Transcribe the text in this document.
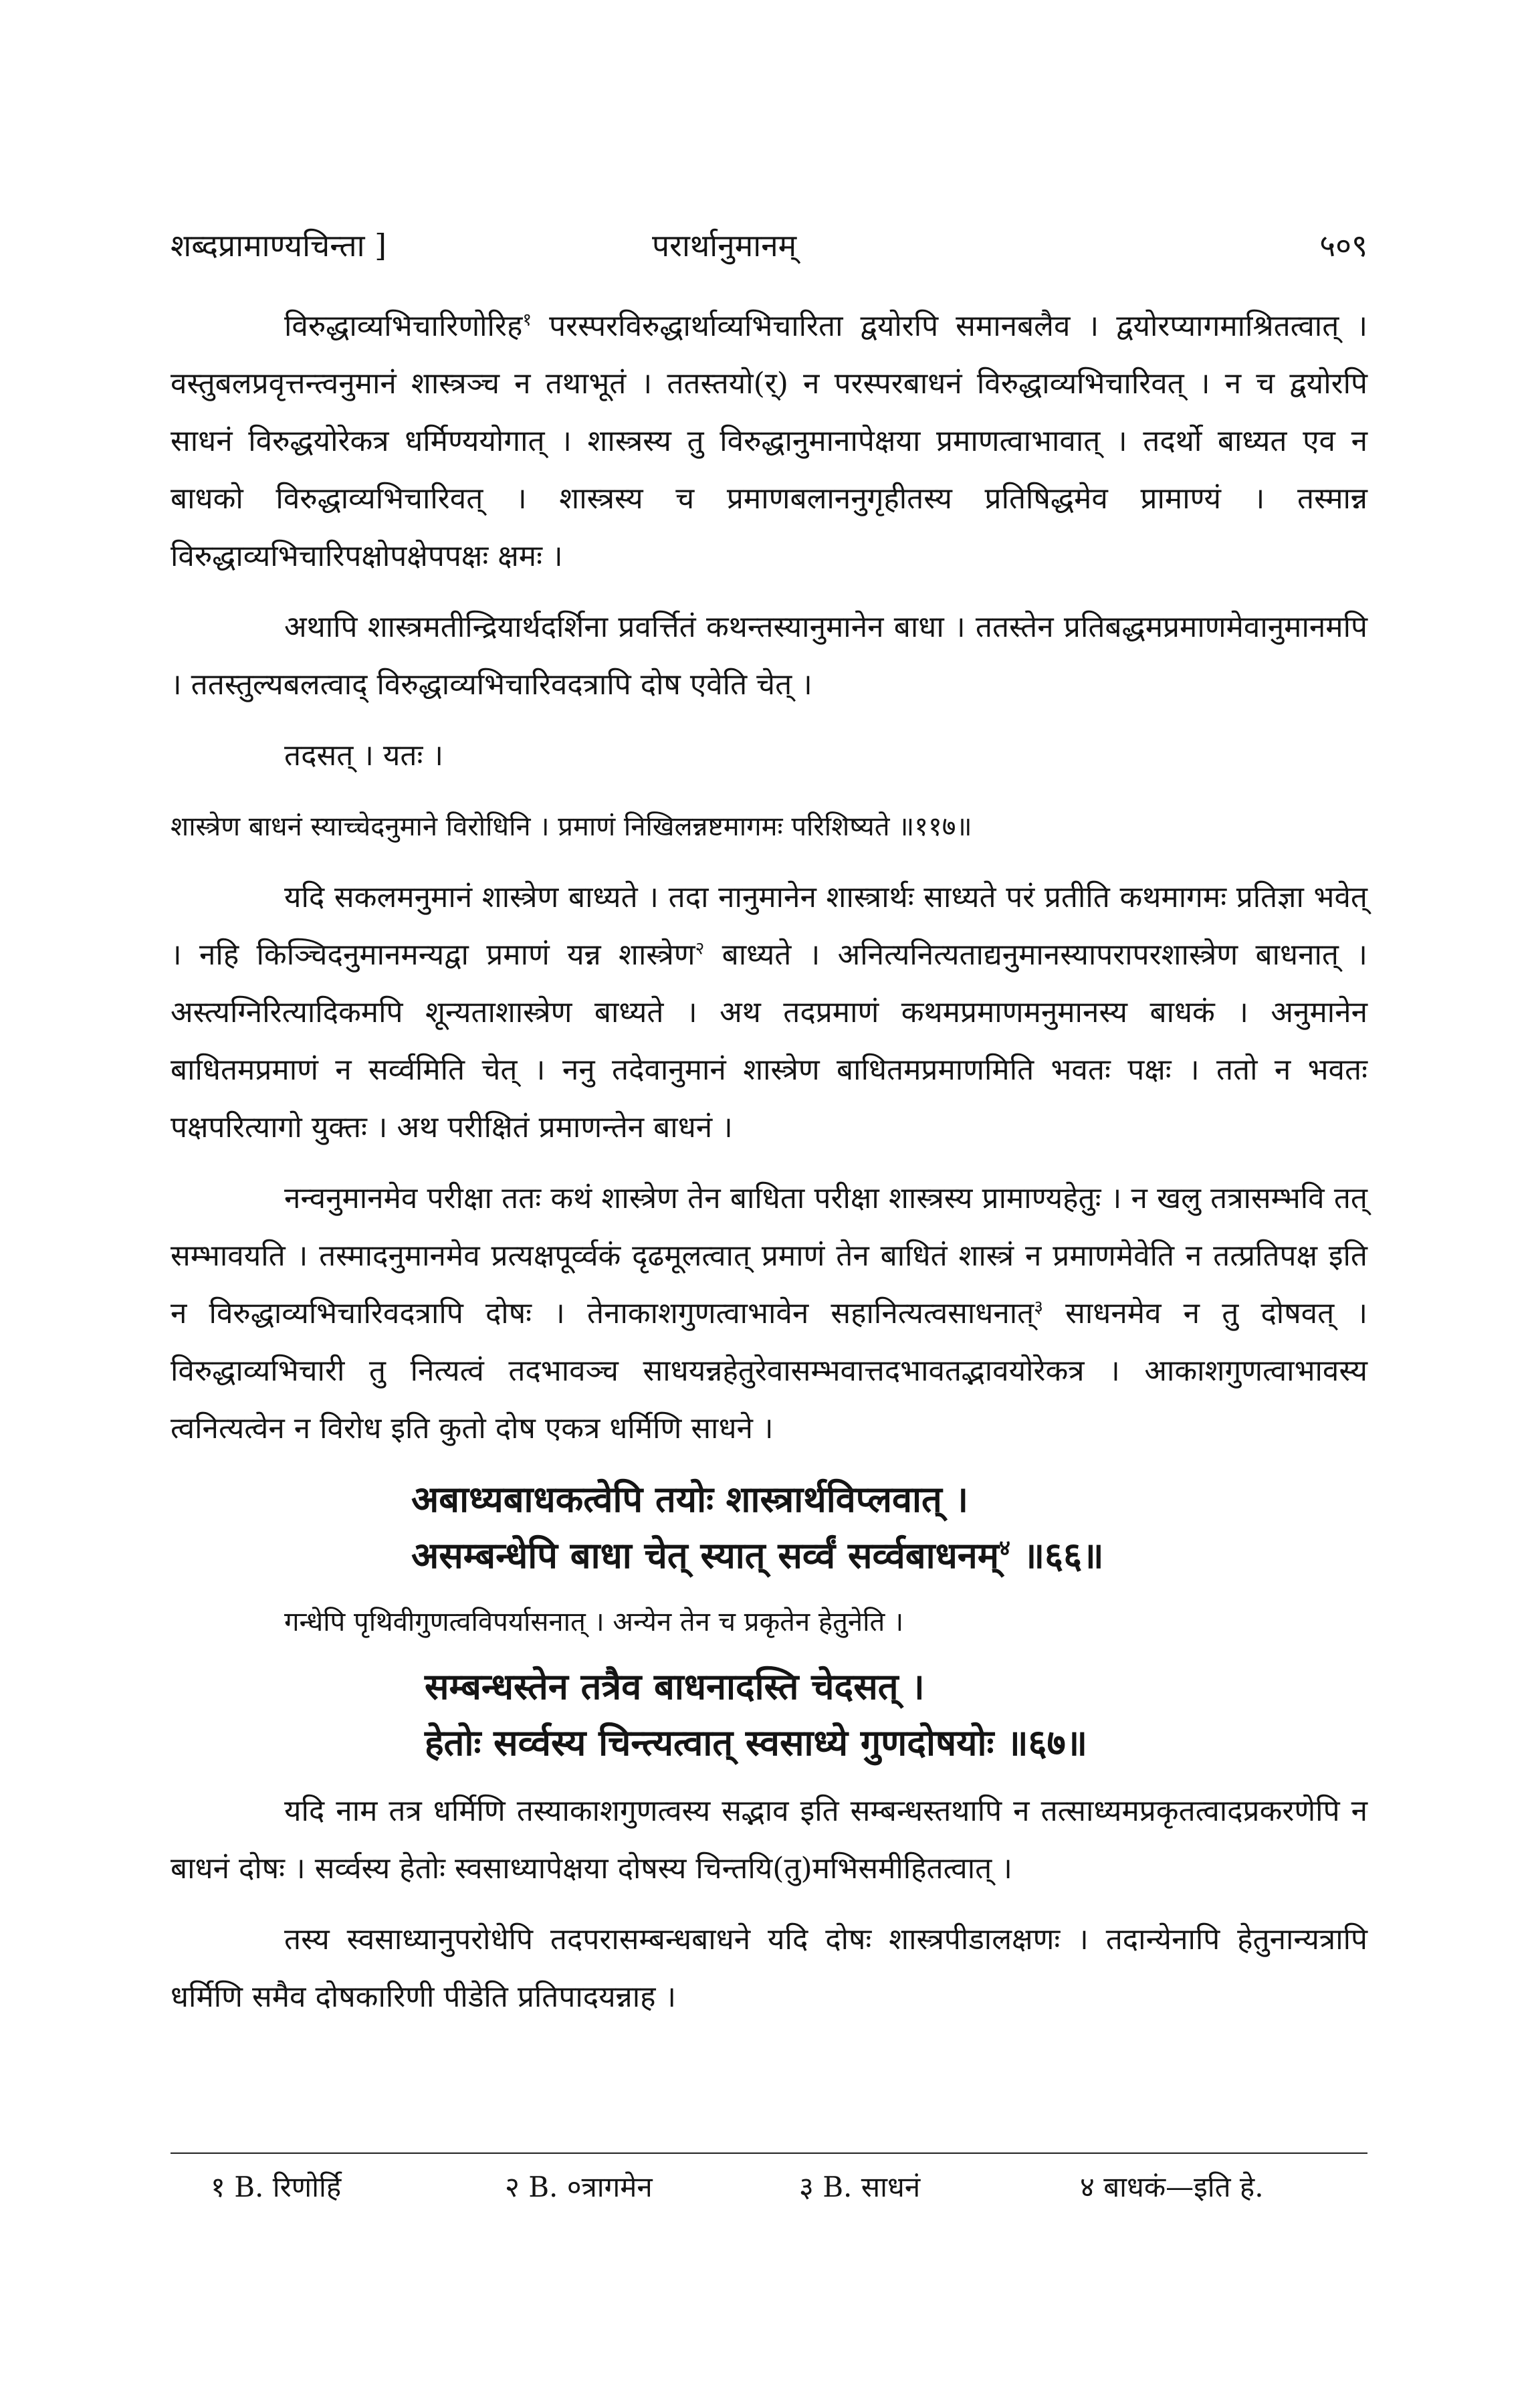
शब्दप्रामाण्यचिन्ता ]	परार्थानुमानम्	५०९

विरुद्धाव्यभिचारिणोरिह$^१$ परस्परविरुद्धार्थाव्यभिचारिता द्वयोरपि समानबलैव । द्वयोरप्यागमाश्रितत्वात् । वस्तुबलप्रवृत्तन्त्वनुमानं शास्त्रञ्च न तथाभूतं । ततस्तयो(र्) न परस्परबाधनं विरुद्धाव्यभिचारिवत् । न च द्वयोरपि साधनं विरुद्धयोरेकत्र धर्मिण्ययोगात् । शास्त्रस्य तु विरुद्धानुमानापेक्षया प्रमाणत्वाभावात् । तदर्थो बाध्यत एव न बाधको विरुद्धाव्यभिचारिवत् । शास्त्रस्य च प्रमाणबलाननुगृहीतस्य प्रतिषिद्धमेव प्रामाण्यं । तस्मान्न विरुद्धाव्यभिचारिपक्षोपक्षेपपक्षः क्षमः ।

अथापि शास्त्रमतीन्द्रियार्थदर्शिना प्रवर्त्तितं कथन्तस्यानुमानेन बाधा । ततस्तेन प्रतिबद्धमप्रमाणमेवानुमानमपि । ततस्तुल्यबलत्वाद् विरुद्धाव्यभिचारिवदत्रापि दोष एवेति चेत् ।

तदसत् । यतः ।

शास्त्रेण बाधनं स्याच्चेदनुमाने विरोधिनि । प्रमाणं निखिलन्नष्टमागमः परिशिष्यते ॥११७॥

यदि सकलमनुमानं शास्त्रेण बाध्यते । तदा नानुमानेन शास्त्रार्थः साध्यते परं प्रतीति कथमागमः प्रतिज्ञा भवेत् । नहि किञ्चिदनुमानमन्यद्वा प्रमाणं यन्न शास्त्रेण$^२$ बाध्यते । अनित्यनित्यताद्यनुमानस्यापरापरशास्त्रेण बाधनात् । अस्त्यग्निरित्यादिकमपि शून्यताशास्त्रेण बाध्यते । अथ तदप्रमाणं कथमप्रमाणमनुमानस्य बाधकं । अनुमानेन बाधितमप्रमाणं न सर्व्वमिति चेत् । ननु तदेवानुमानं शास्त्रेण बाधितमप्रमाणमिति भवतः पक्षः । ततो न भवतः पक्षपरित्यागो युक्तः । अथ परीक्षितं प्रमाणन्तेन बाधनं ।

नन्वनुमानमेव परीक्षा ततः कथं शास्त्रेण तेन बाधिता परीक्षा शास्त्रस्य प्रामाण्यहेतुः । न खलु तत्रासम्भवि तत् सम्भावयति । तस्मादनुमानमेव प्रत्यक्षपूर्व्वकं दृढमूलत्वात् प्रमाणं तेन बाधितं शास्त्रं न प्रमाणमेवेति न तत्प्रतिपक्ष इति न विरुद्धाव्यभिचारिवदत्रापि दोषः । तेनाकाशगुणत्वाभावेन सहानित्यत्वसाधनात्$^३$ साधनमेव न तु दोषवत् । विरुद्धाव्यभिचारी तु नित्यत्वं तदभावञ्च साधयन्नहेतुरेवासम्भवात्तदभावतद्भावयोरेकत्र । आकाशगुणत्वाभावस्य त्वनित्यत्वेन न विरोध इति कुतो दोष एकत्र धर्मिणि साधने ।

अबाध्यबाधकत्वेपि तयोः शास्त्रार्थविप्लवात् ।
असम्बन्धेपि बाधा चेत् स्यात् सर्व्वं सर्व्वबाधनम्$^४$ ॥६६॥

गन्धेपि पृथिवीगुणत्वविपर्यासनात् । अन्येन तेन च प्रकृतेन हेतुनेति ।

सम्बन्धस्तेन तत्रैव बाधनादस्ति चेदसत् ।
हेतोः सर्व्वस्य चिन्त्यत्वात् स्वसाध्ये गुणदोषयोः ॥६७॥

यदि नाम तत्र धर्मिणि तस्याकाशगुणत्वस्य सद्भाव इति सम्बन्धस्तथापि न तत्साध्यमप्रकृतत्वादप्रकरणेपि न बाधनं दोषः । सर्व्वस्य हेतोः स्वसाध्यापेक्षया दोषस्य चिन्तयि(तु)मभिसमीहितत्वात् ।

तस्य स्वसाध्यानुपरोधेपि तदपरासम्बन्धबाधने यदि दोषः शास्त्रपीडालक्षणः । तदान्येनापि हेतुनान्यत्रापि धर्मिणि समैव दोषकारिणी पीडेति प्रतिपादयन्नाह ।

१ B. रिणोर्हि	२ B. ०त्रागमेन	३ B. साधनं	४ बाधकं—इति हे.
